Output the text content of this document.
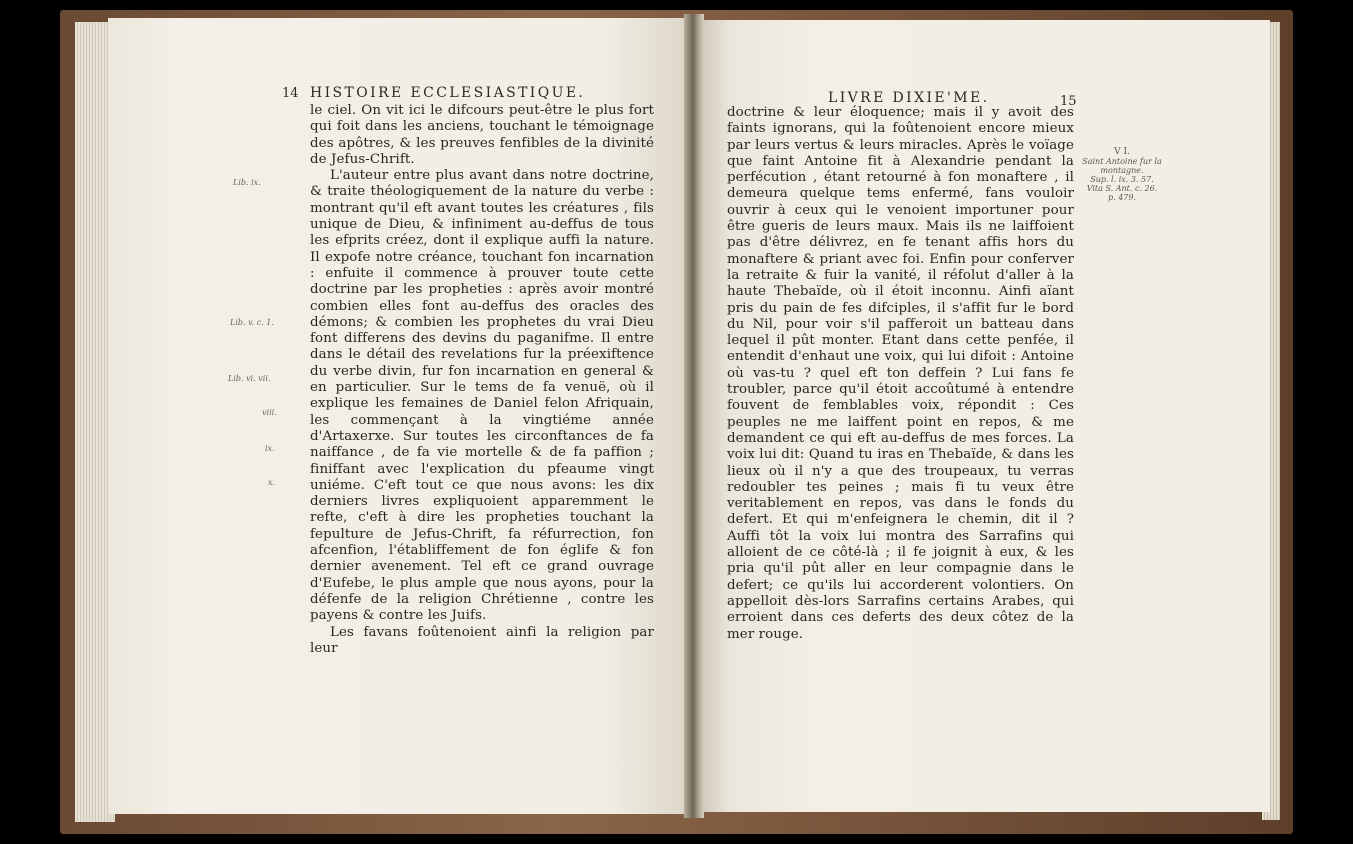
14 HISTOIRE ECCLESIASTIQUE.
Lib. ix.
Lib. v. c. 1.
Lib. vi. vii.
viii.
ix.
x.

le ciel. On vit ici le difcours peut-être le plus fort qui foit dans les anciens, touchant le témoignage des apôtres, & les preuves fenfibles de la divinité de Jefus-Chrift.

L'auteur entre plus avant dans notre doctrine, & traite théologiquement de la nature du verbe : montrant qu'il eft avant toutes les créatures , fils unique de Dieu, & infiniment au-deffus de tous les efprits créez, dont il explique auffi la nature. Il expofe notre créance, touchant fon incarnation : enfuite il commence à prouver toute cette doctrine par les propheties : après avoir montré combien elles font au-deffus des oracles des démons; & combien les prophetes du vrai Dieu font differens des devins du paganifme. Il entre dans le détail des revelations fur la préexiftence du verbe divin, fur fon incarnation en general & en particulier. Sur le tems de fa venuë, où il explique les femaines de Daniel felon Afriquain, les commençant à la vingtiéme année d'Artaxerxe. Sur toutes les circonftances de fa naiffance , de fa vie mortelle & de fa paffion ; finiffant avec l'explication du pfeaume vingt uniéme. C'eft tout ce que nous avons: les dix derniers livres expliquoient apparemment le refte, c'eft à dire les propheties touchant la fepulture de Jefus-Chrift, fa réfurrection, fon afcenfion, l'établiffement de fon églife & fon dernier avenement. Tel eft ce grand ouvrage d'Eufebe, le plus ample que nous ayons, pour la défenfe de la religion Chrétienne , contre les payens & contre les Juifs.

Les favans foûtenoient ainfi la religion par leur

LIVRE DIXIE'ME.	15
V I.
Saint Antoine fur la montagne.
Sup. l. ix. 3. 57. Vita S. Ant. c. 26. p. 479.

doctrine & leur éloquence; mais il y avoit des faints ignorans, qui la foûtenoient encore mieux par leurs vertus & leurs miracles. Après le voïage que faint Antoine fit à Alexandrie pendant la perfécution , étant retourné à fon monaftere , il demeura quelque tems enfermé, fans vouloir ouvrir à ceux qui le venoient importuner pour être gueris de leurs maux. Mais ils ne laiffoient pas d'être délivrez, en fe tenant affis hors du monaftere & priant avec foi. Enfin pour conferver la retraite & fuir la vanité, il réfolut d'aller à la haute Thebaïde, où il étoit inconnu. Ainfi aïant pris du pain de fes difciples, il s'affit fur le bord du Nil, pour voir s'il pafferoit un batteau dans lequel il pût monter. Etant dans cette penfée, il entendit d'enhaut une voix, qui lui difoit : Antoine où vas-tu ? quel eft ton deffein ? Lui fans fe troubler, parce qu'il étoit accoûtumé à entendre fouvent de femblables voix, répondit : Ces peuples ne me laiffent point en repos, & me demandent ce qui eft au-deffus de mes forces. La voix lui dit: Quand tu iras en Thebaïde, & dans les lieux où il n'y a que des troupeaux, tu verras redoubler tes peines ; mais fi tu veux être veritablement en repos, vas dans le fonds du defert. Et qui m'enfeignera le chemin, dit il ? Auffi tôt la voix lui montra des Sarrafins qui alloient de ce côté-là ; il fe joignit à eux, & les pria qu'il pût aller en leur compagnie dans le defert; ce qu'ils lui accorderent volontiers. On appelloit dès-lors Sarrafins certains Arabes, qui erroient dans ces deferts des deux côtez de la mer rouge.
